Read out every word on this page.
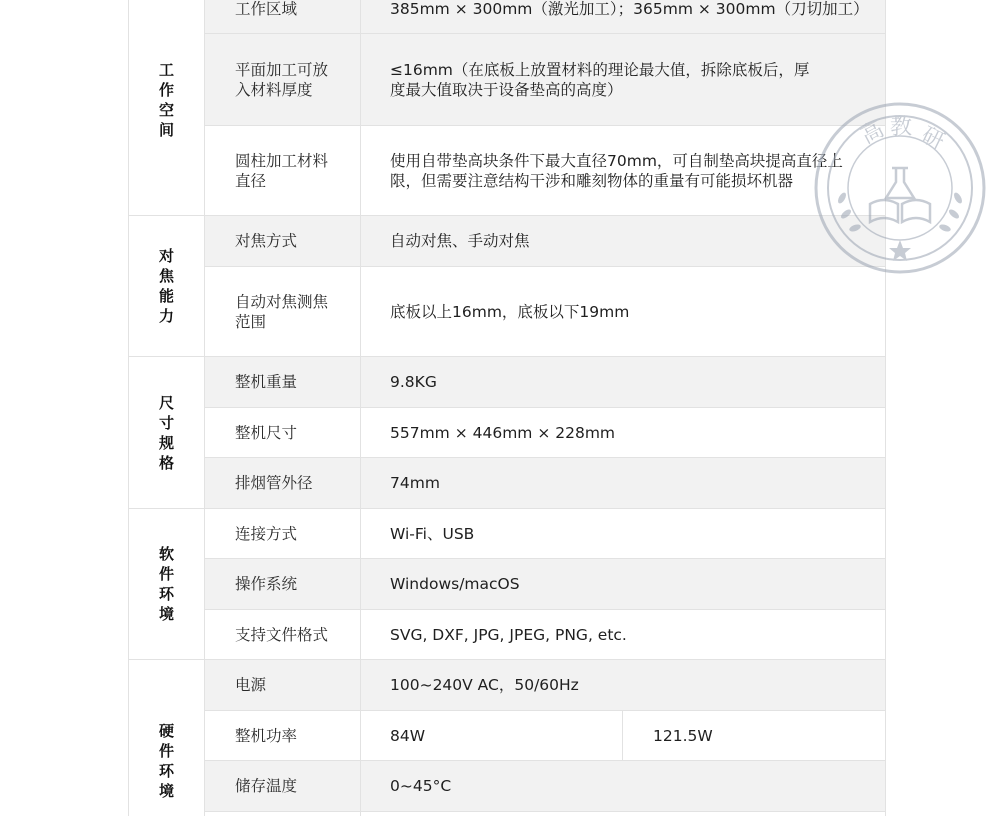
工作空间	工作区域	385mm × 300mm（激光加工）；365mm × 300mm（刀切加工）	

	平面加工可放入材料厚度	≤16mm（在底板上放置材料的理论最大值，拆除底板后，厚度最大值取决于设备垫高的高度）	

	圆柱加工材料直径	使用自带垫高块条件下最大直径70mm，可自制垫高块提高直径上限，但需要注意结构干涉和雕刻物体的重量有可能损坏机器	

对焦能力	对焦方式	自动对焦、手动对焦	

	自动对焦测焦范围	底板以上16mm，底板以下19mm	
尺寸规格	整机重量	9.8KG	
	整机尺寸	557mm × 446mm × 228mm	
	排烟管外径	74mm	
软件环境	连接方式	Wi-Fi、USB	
	操作系统	Windows/macOS	
	支持文件格式	SVG, DXF, JPG, JPEG, PNG, etc.	
硬件环境	电源	100~240V AC，50/60Hz	
	整机功率	84W	121.5W
	储存温度	0~45°C	

高 教 研
